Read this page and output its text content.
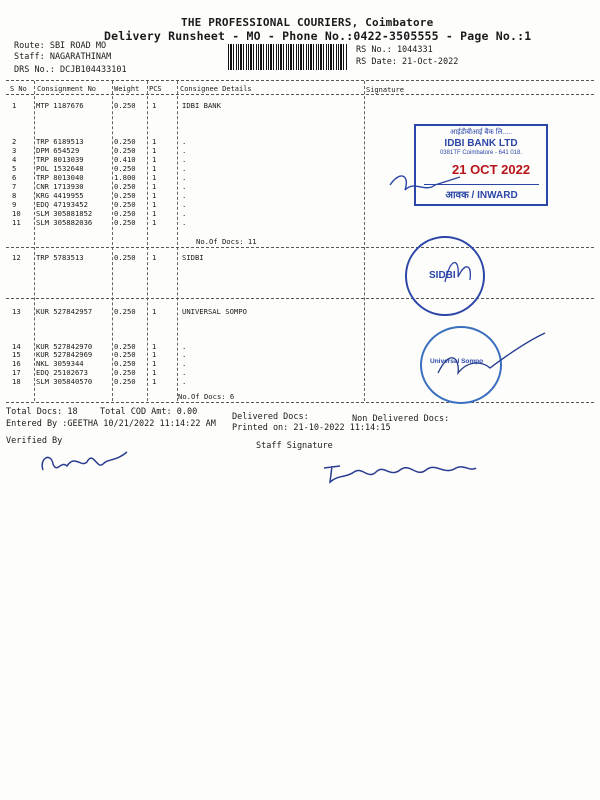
THE PROFESSIONAL COURIERS, Coimbatore
Delivery Runsheet - MO - Phone No.:0422-3505555 - Page No.:1
Route: SBI ROAD MO
Staff: NAGARATHINAM
DRS No.: DCJB104433101
RS No.: 1044331
RS Date: 21-Oct-2022
S No Consignment No	Weight PCS	Consignee Details	Signature
1	MTP 1187676	0.250 1	IDBI BANK
2	TRP 6189513	0.250 1	.
3	DPM 654529	0.250 1	.
4	TRP 8013039	0.410 1	.
5	POL 1532648	0.250 1	.
6	TRP 8013040	1.800 1	.
7	CNR 1713930	0.250 1	.
8	KRG 4419955	0.250 1	.
9	EDQ 47193452	0.250 1	.
10 SLM 305881852	0.250 1	.
11 SLM 305882036	0.250 1	.
12 TRP 5783513	0.250 1	SIDBI
13 KUR 527842957	0.250 1	UNIVERSAL SOMPO
14 KUR 527842970	0.250 1	.
15 KUR 527842969	0.250 1	.
16 NKL 3059344	0.250 1	.
17 EDQ 25102673	0.250 1	.
18 SLM 305840570	0.250 1	.
No.Of Docs: 11
No.Of Docs: 6
Total Docs: 18	Total COD Amt: 0.00	Delivered Docs:	Non Delivered Docs:
Entered By :GEETHA 10/21/2022 11:14:22 AM Printed on: 21-10-2022 11:14:15
Verified By	Staff Signature
आईडीबीआई बैंक लि.....
IDBI BANK LTD
0381TF Coimbatore - 641 018.
21 OCT 2022
आवक / INWARD
SIDBI
Universal Sompo
